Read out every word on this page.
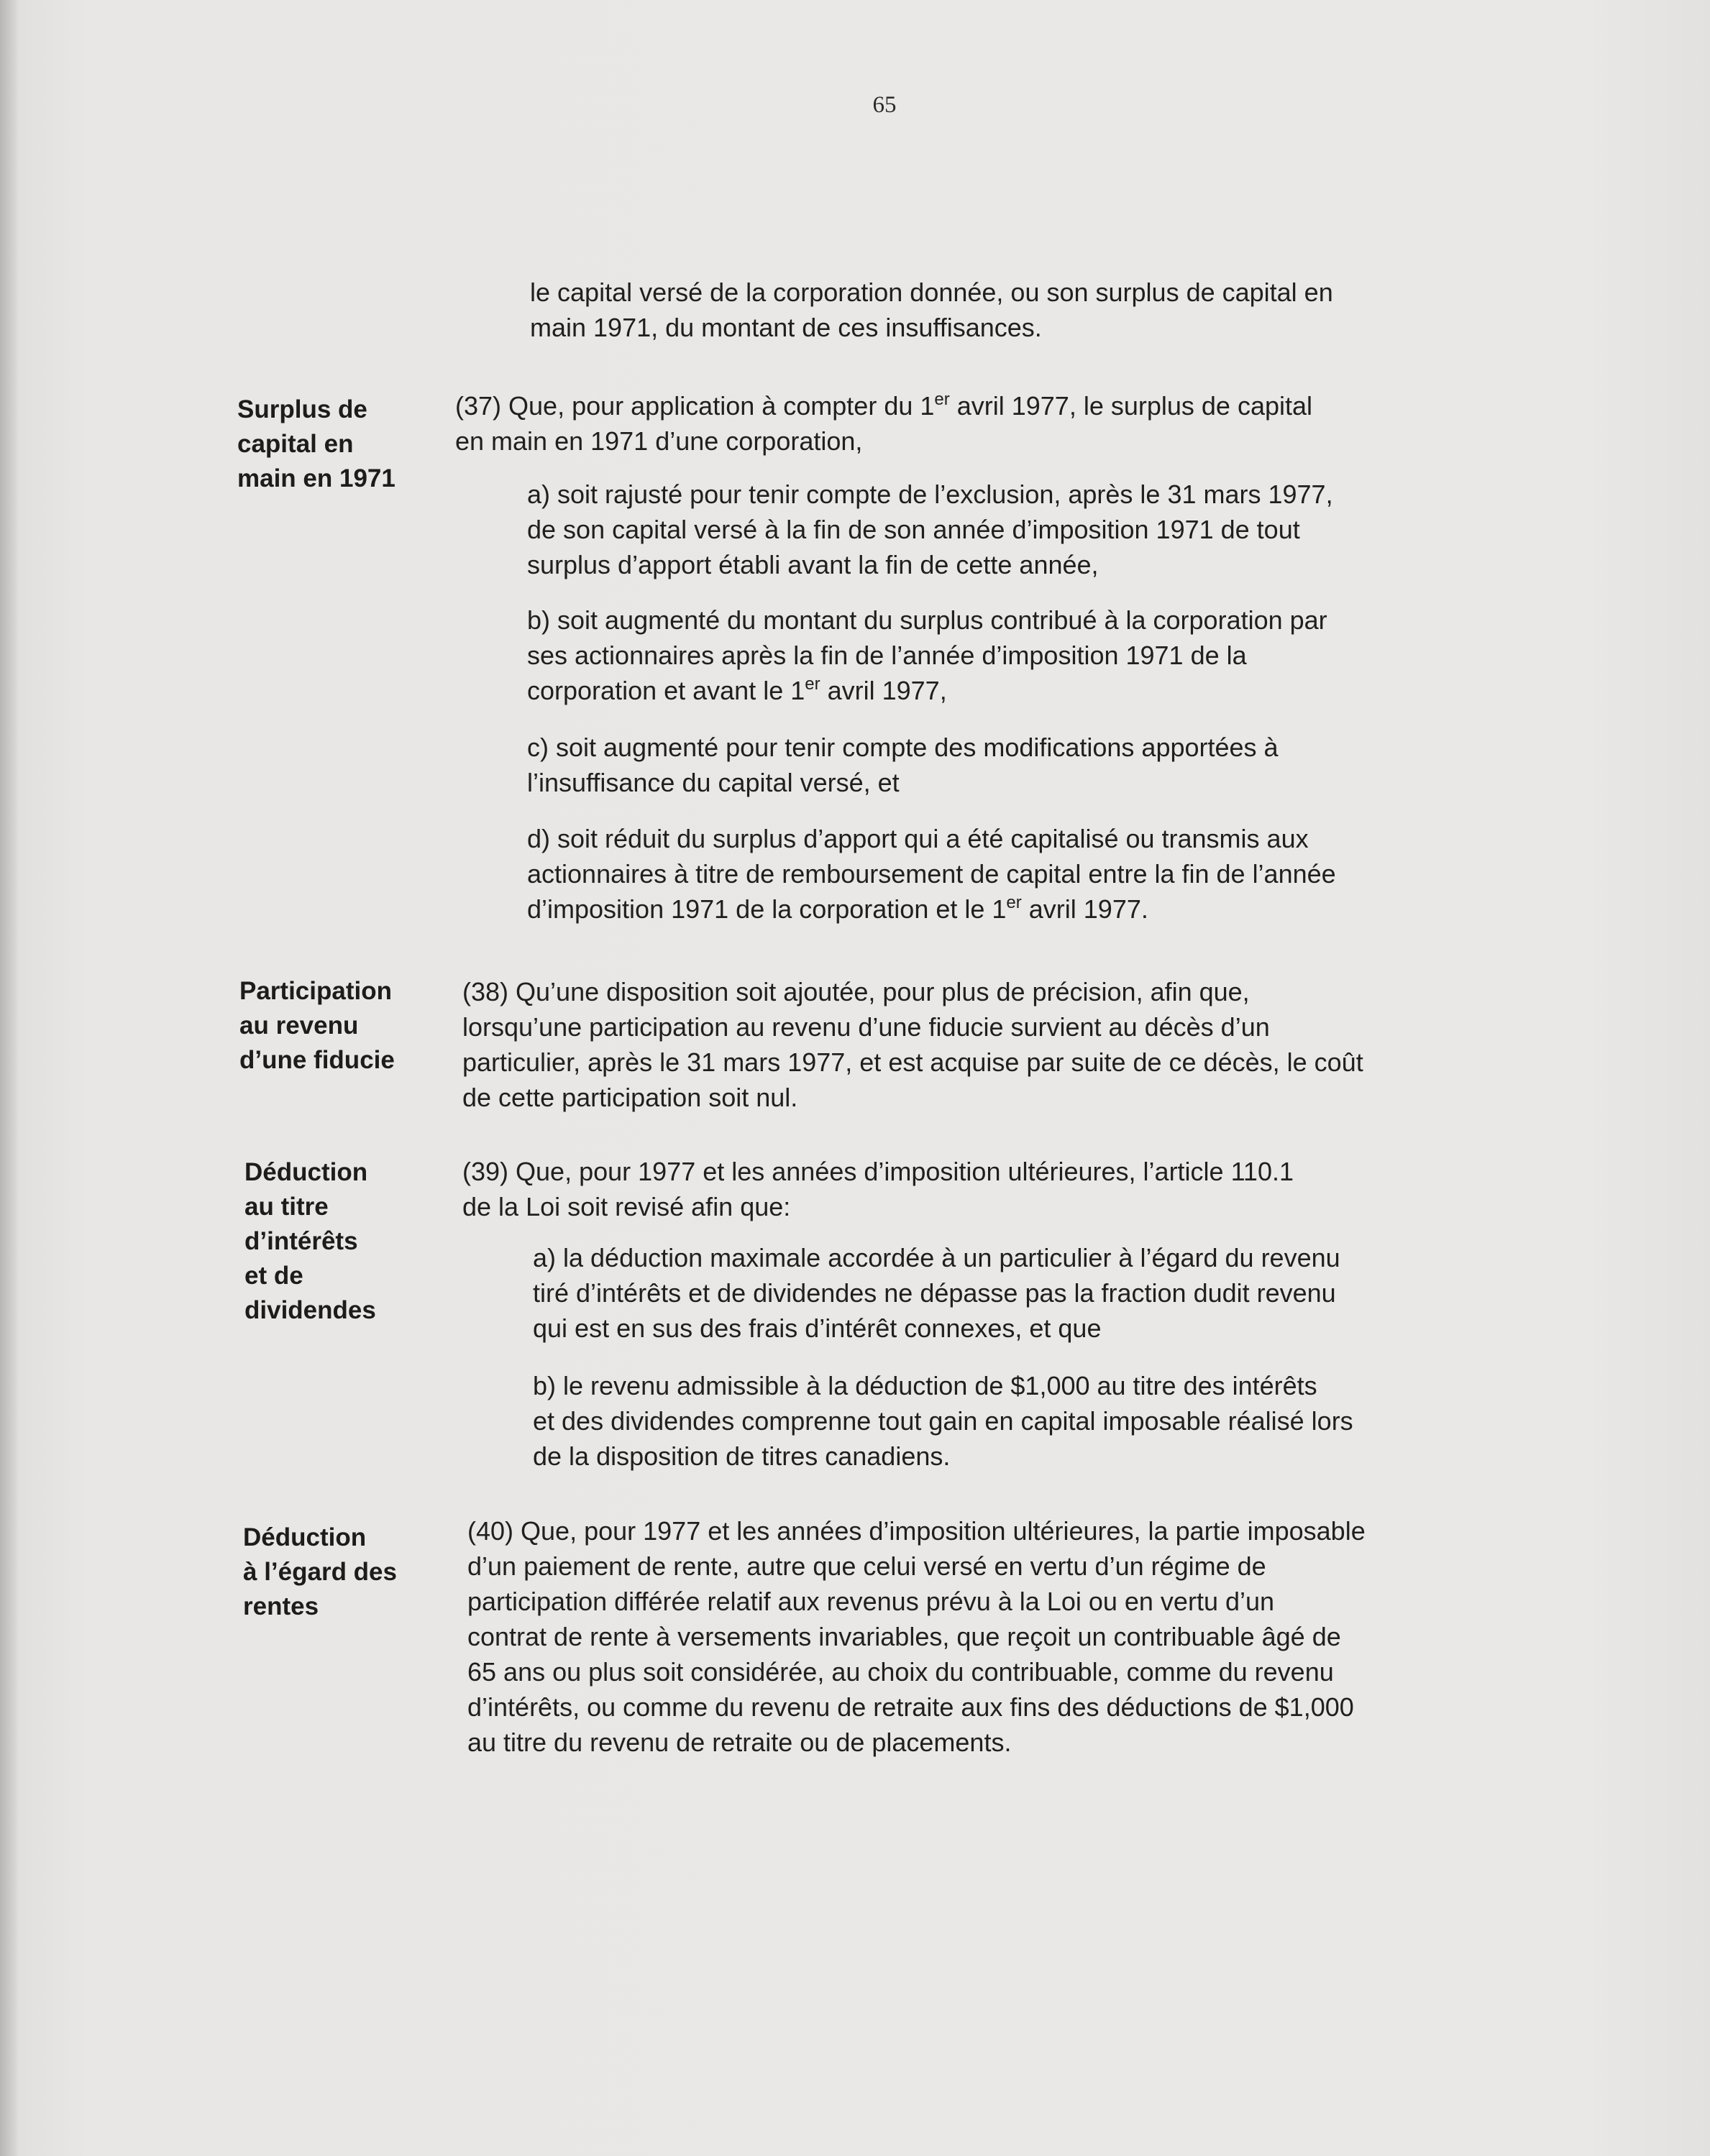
65
le capital versé de la corporation donnée, ou son surplus de capital en
main 1971, du montant de ces insuffisances.
Surplus de
capital en
main en 1971
(37) Que, pour application à compter du 1er avril 1977, le surplus de capital
en main en 1971 d’une corporation,
a) soit rajusté pour tenir compte de l’exclusion, après le 31 mars 1977,
de son capital versé à la fin de son année d’imposition 1971 de tout
surplus d’apport établi avant la fin de cette année,
b) soit augmenté du montant du surplus contribué à la corporation par
ses actionnaires après la fin de l’année d’imposition 1971 de la
corporation et avant le 1er avril 1977,
c) soit augmenté pour tenir compte des modifications apportées à
l’insuffisance du capital versé, et
d) soit réduit du surplus d’apport qui a été capitalisé ou transmis aux
actionnaires à titre de remboursement de capital entre la fin de l’année
d’imposition 1971 de la corporation et le 1er avril 1977.
Participation
au revenu
d’une fiducie
(38) Qu’une disposition soit ajoutée, pour plus de précision, afin que,
lorsqu’une participation au revenu d’une fiducie survient au décès d’un
particulier, après le 31 mars 1977, et est acquise par suite de ce décès, le coût
de cette participation soit nul.
Déduction
au titre
d’intérêts
et de
dividendes
(39) Que, pour 1977 et les années d’imposition ultérieures, l’article 110.1
de la Loi soit revisé afin que:
a) la déduction maximale accordée à un particulier à l’égard du revenu
tiré d’intérêts et de dividendes ne dépasse pas la fraction dudit revenu
qui est en sus des frais d’intérêt connexes, et que
b) le revenu admissible à la déduction de $1,000 au titre des intérêts
et des dividendes comprenne tout gain en capital imposable réalisé lors
de la disposition de titres canadiens.
Déduction
à l’égard des
rentes
(40) Que, pour 1977 et les années d’imposition ultérieures, la partie imposable
d’un paiement de rente, autre que celui versé en vertu d’un régime de
participation différée relatif aux revenus prévu à la Loi ou en vertu d’un
contrat de rente à versements invariables, que reçoit un contribuable âgé de
65 ans ou plus soit considérée, au choix du contribuable, comme du revenu
d’intérêts, ou comme du revenu de retraite aux fins des déductions de $1,000
au titre du revenu de retraite ou de placements.
